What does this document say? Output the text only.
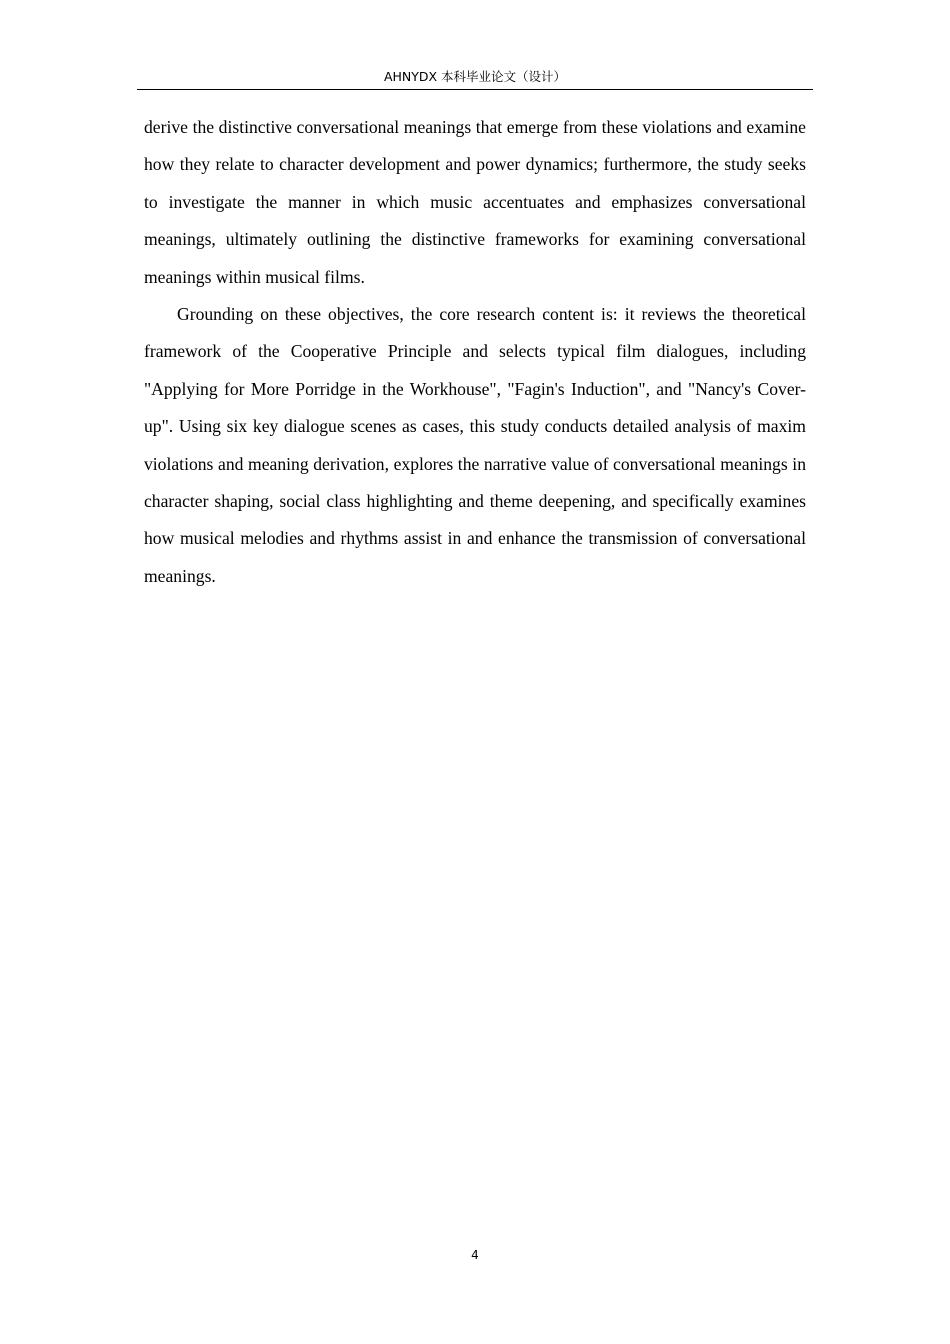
AHNYDX 本科毕业论文（设计）

derive the distinctive conversational meanings that emerge from these violations and examine how they relate to character development and power dynamics; furthermore, the study seeks to investigate the manner in which music accentuates and emphasizes conversational meanings, ultimately outlining the distinctive frameworks for examining conversational meanings within musical films.

Grounding on these objectives, the core research content is: it reviews the theoretical framework of the Cooperative Principle and selects typical film dialogues, including "Applying for More Porridge in the Workhouse", "Fagin's Induction", and "Nancy's Cover-up". Using six key dialogue scenes as cases, this study conducts detailed analysis of maxim violations and meaning derivation, explores the narrative value of conversational meanings in character shaping, social class highlighting and theme deepening, and specifically examines how musical melodies and rhythms assist in and enhance the transmission of conversational meanings.

4
